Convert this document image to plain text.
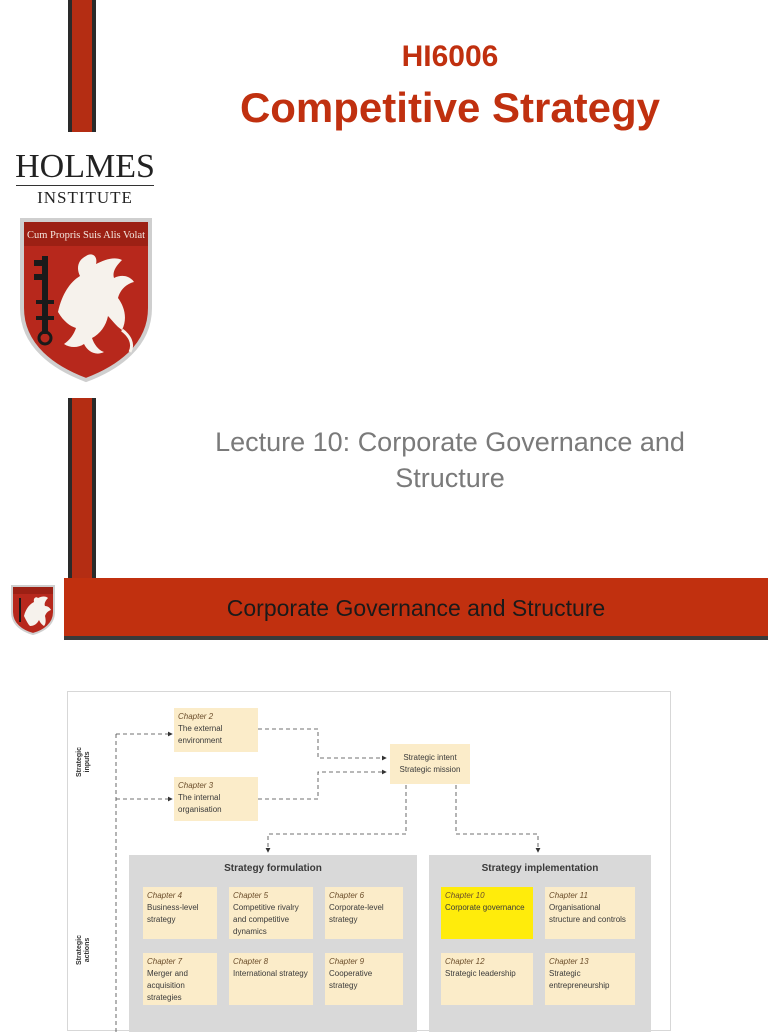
HI6006
Competitive Strategy
HOLMES
INSTITUTE
Cum Propris Suis Alis Volat
Lecture 10: Corporate Governance and Structure
Corporate Governance and Structure
Strategic
inputs
Strategic
actions
Chapter 2
The external environment
Chapter 3
The internal organisation
Strategic intent
Strategic mission
Strategy formulation
Chapter 4
Business-level strategy
Chapter 5
Competitive rivalry and competitive dynamics
Chapter 6
Corporate-level strategy
Chapter 7
Merger and acquisition strategies
Chapter 8
International strategy
Chapter 9
Cooperative strategy
Strategy implementation
Chapter 10
Corporate governance
Chapter 11
Organisational structure and controls
Chapter 12
Strategic leadership
Chapter 13
Strategic entrepreneurship
